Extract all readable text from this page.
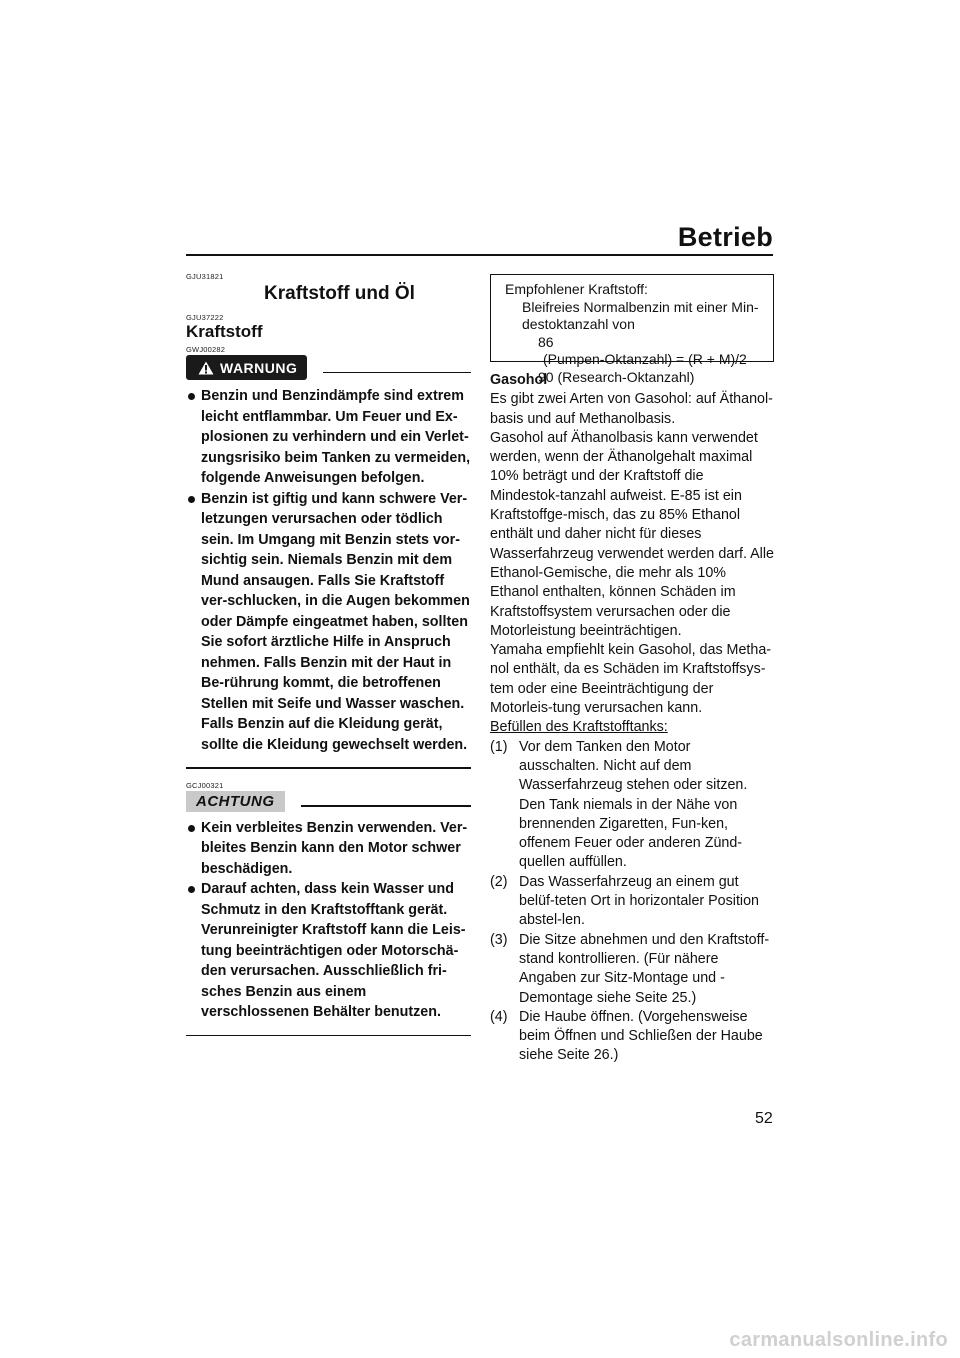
Betrieb
GJU31821
Kraftstoff und Öl
GJU37222
Kraftstoff
GWJ00282
WARNUNG
Benzin und Benzindämpfe sind extrem leicht entflammbar. Um Feuer und Ex-plosionen zu verhindern und ein Verlet-zungsrisiko beim Tanken zu vermeiden, folgende Anweisungen befolgen.
Benzin ist giftig und kann schwere Ver-letzungen verursachen oder tödlich sein. Im Umgang mit Benzin stets vor-sichtig sein. Niemals Benzin mit dem Mund ansaugen. Falls Sie Kraftstoff ver-schlucken, in die Augen bekommen oder Dämpfe eingeatmet haben, sollten Sie sofort ärztliche Hilfe in Anspruch nehmen. Falls Benzin mit der Haut in Be-rührung kommt, die betroffenen Stellen mit Seife und Wasser waschen. Falls Benzin auf die Kleidung gerät, sollte die Kleidung gewechselt werden.
GCJ00321
ACHTUNG
Kein verbleites Benzin verwenden. Ver-bleites Benzin kann den Motor schwer beschädigen.
Darauf achten, dass kein Wasser und Schmutz in den Kraftstofftank gerät. Verunreinigter Kraftstoff kann die Leis-tung beeinträchtigen oder Motorschä-den verursachen. Ausschließlich fri-sches Benzin aus einem verschlossenen Behälter benutzen.
Empfohlener Kraftstoff:
Bleifreies Normalbenzin mit einer Min-
destoktanzahl von
86
(Pumpen-Oktanzahl) = (R + M)/2
90 (Research-Oktanzahl)

Gasohol

Es gibt zwei Arten von Gasohol: auf Äthanol-basis und auf Methanolbasis.

Gasohol auf Äthanolbasis kann verwendet werden, wenn der Äthanolgehalt maximal 10% beträgt und der Kraftstoff die Mindestok-tanzahl aufweist. E-85 ist ein Kraftstoffge-misch, das zu 85% Ethanol enthält und daher nicht für dieses Wasserfahrzeug verwendet werden darf. Alle Ethanol-Gemische, die mehr als 10% Ethanol enthalten, können Schäden im Kraftstoffsystem verursachen oder die Motorleistung beeinträchtigen.

Yamaha empfiehlt kein Gasohol, das Metha-nol enthält, da es Schäden im Kraftstoffsys-tem oder eine Beeinträchtigung der Motorleis-tung verursachen kann.

Befüllen des Kraftstofftanks:

(1) Vor dem Tanken den Motor ausschalten. Nicht auf dem Wasserfahrzeug stehen oder sitzen. Den Tank niemals in der Nähe von brennenden Zigaretten, Fun-ken, offenem Feuer oder anderen Zünd-quellen auffüllen.
(2) Das Wasserfahrzeug an einem gut belüf-teten Ort in horizontaler Position abstel-len.
(3) Die Sitze abnehmen und den Kraftstoff-stand kontrollieren. (Für nähere Angaben zur Sitz-Montage und -Demontage siehe Seite 25.)
(4) Die Haube öffnen. (Vorgehensweise beim Öffnen und Schließen der Haube siehe Seite 26.)
52
carmanualsonline.info
